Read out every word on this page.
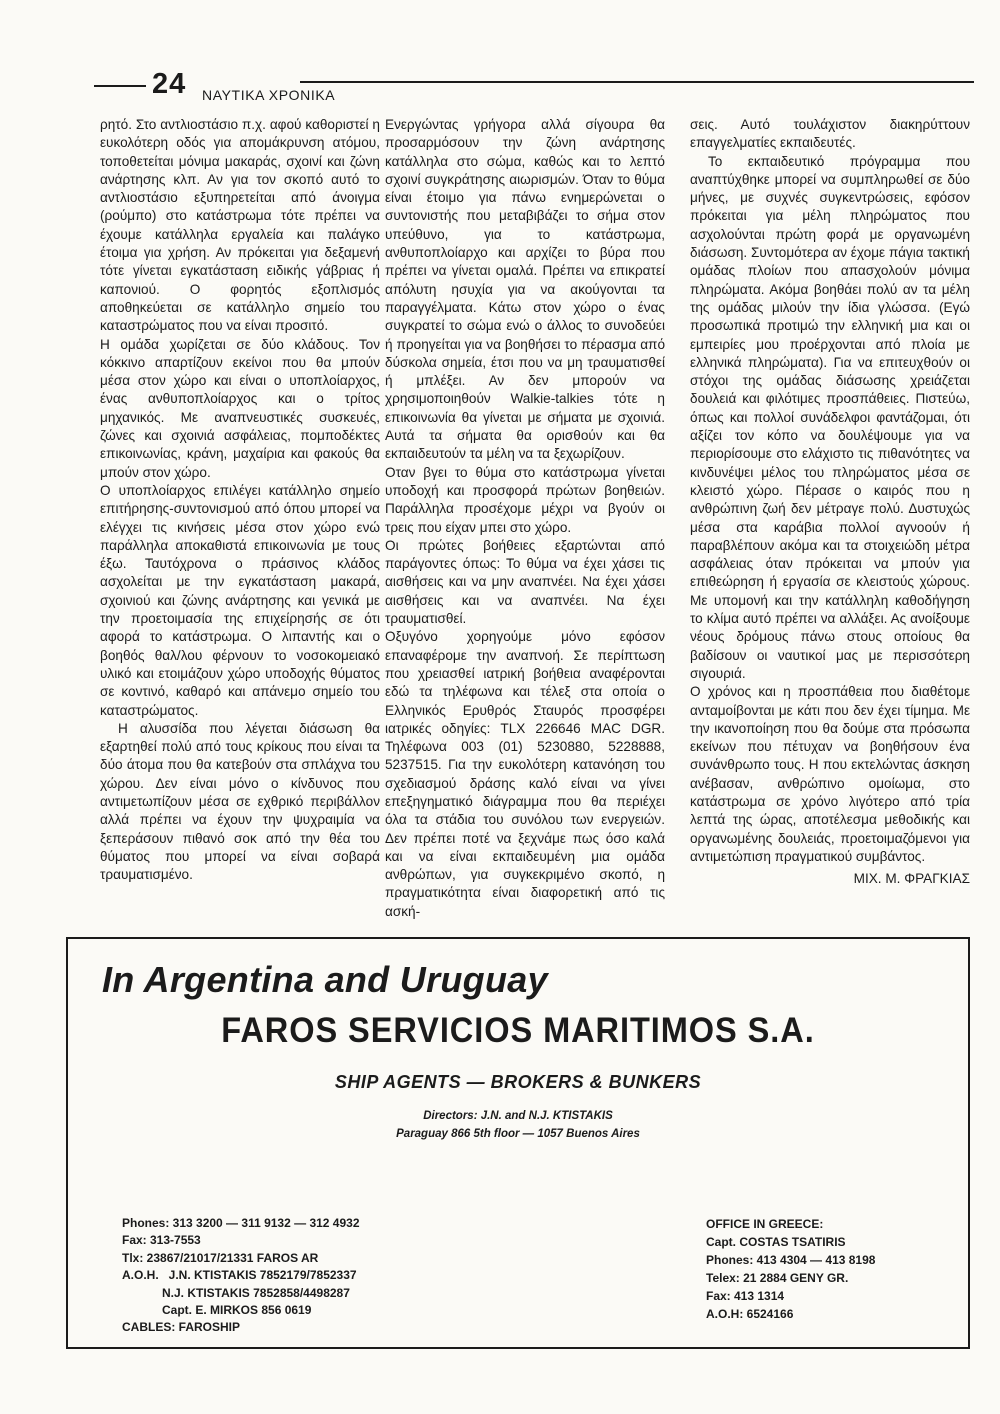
24 ΝΑΥΤΙΚΑ ΧΡΟΝΙΚΑ

ρητό. Στο αντλιοστάσιο π.χ. αφού καθοριστεί η ευκολότερη οδός για απομάκρυνση ατόμου, τοποθετείται μόνιμα μακαράς, σχοινί και ζώνη ανάρτησης κλπ. Αν για τον σκοπό αυτό το αντλιοστάσιο εξυπηρετείται από άνοιγμα (ρούμπο) στο κατάστρωμα τότε πρέπει να έχουμε κατάλληλα εργαλεία και παλάγκο έτοιμα για χρήση. Αν πρόκειται για δεξαμενή τότε γίνεται εγκατάσταση ειδικής γάβριας ή καπονιού. Ο φορητός εξοπλισμός αποθηκεύεται σε κατάλληλο σημείο του καταστρώματος που να είναι προσιτό.

Η ομάδα χωρίζεται σε δύο κλάδους. Τον κόκκινο απαρτίζουν εκείνοι που θα μπούν μέσα στον χώρο και είναι ο υποπλοίαρχος, ένας ανθυποπλοίαρχος και ο τρίτος μηχανικός. Με αναπνευστικές συσκευές, ζώνες και σχοινιά ασφάλειας, πομποδέκτες επικοινωνίας, κράνη, μαχαίρια και φακούς θα μπούν στον χώρο.

Ο υποπλοίαρχος επιλέγει κατάλληλο σημείο επιτήρησης-συντονισμού από όπου μπορεί να ελέγχει τις κινήσεις μέσα στον χώρο ενώ παράλληλα αποκαθιστά επικοινωνία με τους έξω. Ταυτόχρονα ο πράσινος κλάδος ασχολείται με την εγκατάσταση μακαρά, σχοινιού και ζώνης ανάρτησης και γενικά με την προετοιμασία της επιχείρησής σε ότι αφορά το κατάστρωμα. Ο λιπαντής και ο βοηθός θαλ/λου φέρνουν το νοσοκομειακό υλικό και ετοιμάζουν χώρο υποδοχής θύματος σε κοντινό, καθαρό και απάνεμο σημείο του καταστρώματος.

Η αλυσσίδα που λέγεται διάσωση θα εξαρτηθεί πολύ από τους κρίκους που είναι τα δύο άτομα που θα κατεβούν στα σπλάχνα του χώρου. Δεν είναι μόνο ο κίνδυνος που αντιμετωπίζουν μέσα σε εχθρικό περιβάλλον αλλά πρέπει να έχουν την ψυχραιμία να ξεπεράσουν πιθανό σοκ από την θέα του θύματος που μπορεί να είναι σοβαρά τραυματισμένο.

Ενεργώντας γρήγορα αλλά σίγουρα θα προσαρμόσουν την ζώνη ανάρτησης κατάλληλα στο σώμα, καθώς και το λεπτό σχοινί συγκράτησης αιωρισμών. Όταν το θύμα είναι έτοιμο για πάνω ενημερώνεται ο συντονιστής που μεταβιβάζει το σήμα στον υπεύθυνο, για το κατάστρωμα, ανθυποπλοίαρχο και αρχίζει το βύρα που πρέπει να γίνεται ομαλά. Πρέπει να επικρατεί απόλυτη ησυχία για να ακούγονται τα παραγγέλματα. Κάτω στον χώρο ο ένας συγκρατεί το σώμα ενώ ο άλλος το συνοδεύει ή προηγείται για να βοηθήσει το πέρασμα από δύσκολα σημεία, έτσι που να μη τραυματισθεί ή μπλέξει. Αν δεν μπορούν να χρησιμοποιηθούν Walkie-talkies τότε η επικοινωνία θα γίνεται με σήματα με σχοινιά. Αυτά τα σήματα θα ορισθούν και θα εκπαιδευτούν τα μέλη να τα ξεχωρίζουν.

Οταν βγει το θύμα στο κατάστρωμα γίνεται υποδοχή και προσφορά πρώτων βοηθειών. Παράλληλα προσέχομε μέχρι να βγούν οι τρεις που είχαν μπει στο χώρο.

Οι πρώτες βοήθειες εξαρτώνται από παράγοντες όπως: Το θύμα να έχει χάσει τις αισθήσεις και να μην αναπνέει. Να έχει χάσει αισθήσεις και να αναπνέει. Να έχει τραυματισθεί.

Οξυγόνο χορηγούμε μόνο εφόσον επαναφέρομε την αναπνοή. Σε περίπτωση που χρειασθεί ιατρική βοήθεια αναφέρονται εδώ τα τηλέφωνα και τέλεξ στα οποία ο Ελληνικός Ερυθρός Σταυρός προσφέρει ιατρικές οδηγίες: TLX 226646 MAC DGR. Τηλέφωνα 003 (01) 5230880, 5228888, 5237515. Για την ευκολότερη κατανόηση του σχεδιασμού δράσης καλό είναι να γίνει επεξηγηματικό διάγραμμα που θα περιέχει όλα τα στάδια του συνόλου των ενεργειών. Δεν πρέπει ποτέ να ξεχνάμε πως όσο καλά και να είναι εκπαιδευμένη μια ομάδα ανθρώπων, για συγκεκριμένο σκοπό, η πραγματικότητα είναι διαφορετική από τις ασκή-

σεις. Αυτό τουλάχιστον διακηρύττουν επαγγελματίες εκπαιδευτές.

Το εκπαιδευτικό πρόγραμμα που αναπτύχθηκε μπορεί να συμπληρωθεί σε δύο μήνες, με συχνές συγκεντρώσεις, εφόσον πρόκειται για μέλη πληρώματος που ασχολούνται πρώτη φορά με οργανωμένη διάσωση. Συντομότερα αν έχομε πάγια τακτική ομάδας πλοίων που απασχολούν μόνιμα πληρώματα. Ακόμα βοηθάει πολύ αν τα μέλη της ομάδας μιλούν την ίδια γλώσσα. (Εγώ προσωπικά προτιμώ την ελληνική μια και οι εμπειρίες μου προέρχονται από πλοία με ελληνικά πληρώματα). Για να επιτευχθούν οι στόχοι της ομάδας διάσωσης χρειάζεται δουλειά και φιλότιμες προσπάθειες. Πιστεύω, όπως και πολλοί συνάδελφοι φαντάζομαι, ότι αξίζει τον κόπο να δουλέψουμε για να περιορίσουμε στο ελάχιστο τις πιθανότητες να κινδυνέψει μέλος του πληρώματος μέσα σε κλειστό χώρο. Πέρασε ο καιρός που η ανθρώπινη ζωή δεν μέτραγε πολύ. Δυστυχώς μέσα στα καράβια πολλοί αγνοούν ή παραβλέπουν ακόμα και τα στοιχειώδη μέτρα ασφάλειας όταν πρόκειται να μπούν για επιθεώρηση ή εργασία σε κλειστούς χώρους. Με υπομονή και την κατάλληλη καθοδήγηση το κλίμα αυτό πρέπει να αλλάξει. Ας ανοίξουμε νέους δρόμους πάνω στους οποίους θα βαδίσουν οι ναυτικοί μας με περισσότερη σιγουριά.

Ο χρόνος και η προσπάθεια που διαθέτομε ανταμοίβονται με κάτι που δεν έχει τίμημα. Με την ικανοποίηση που θα δούμε στα πρόσωπα εκείνων που πέτυχαν να βοηθήσουν ένα συνάνθρωπο τους. Η που εκτελώντας άσκηση ανέβασαν, ανθρώπινο ομοίωμα, στο κατάστρωμα σε χρόνο λιγότερο από τρία λεπτά της ώρας, αποτέλεσμα μεθοδικής και οργανωμένης δουλειάς, προετοιμαζόμενοι για αντιμετώπιση πραγματικού συμβάντος.

ΜΙΧ. Μ. ΦΡΑΓΚΙΑΣ

In Argentina and Uruguay
FAROS SERVICIOS MARITIMOS S.A.
SHIP AGENTS — BROKERS & BUNKERS
Directors: J.N. and N.J. KTISTAKIS
Paraguay 866 5th floor — 1057 Buenos Aires
Phones: 313 3200 — 311 9132 — 312 4932
Fax: 313-7553
Tlx: 23867/21017/21331 FAROS AR
A.O.H.   J.N. KTISTAKIS 7852179/7852337
N.J. KTISTAKIS 7852858/4498287
Capt. E. MIRKOS 856 0619
CABLES: FAROSHIP
OFFICE IN GREECE:
Capt. COSTAS TSATIRIS
Phones: 413 4304 — 413 8198
Telex: 21 2884 GENY GR.
Fax: 413 1314
A.O.H: 6524166
